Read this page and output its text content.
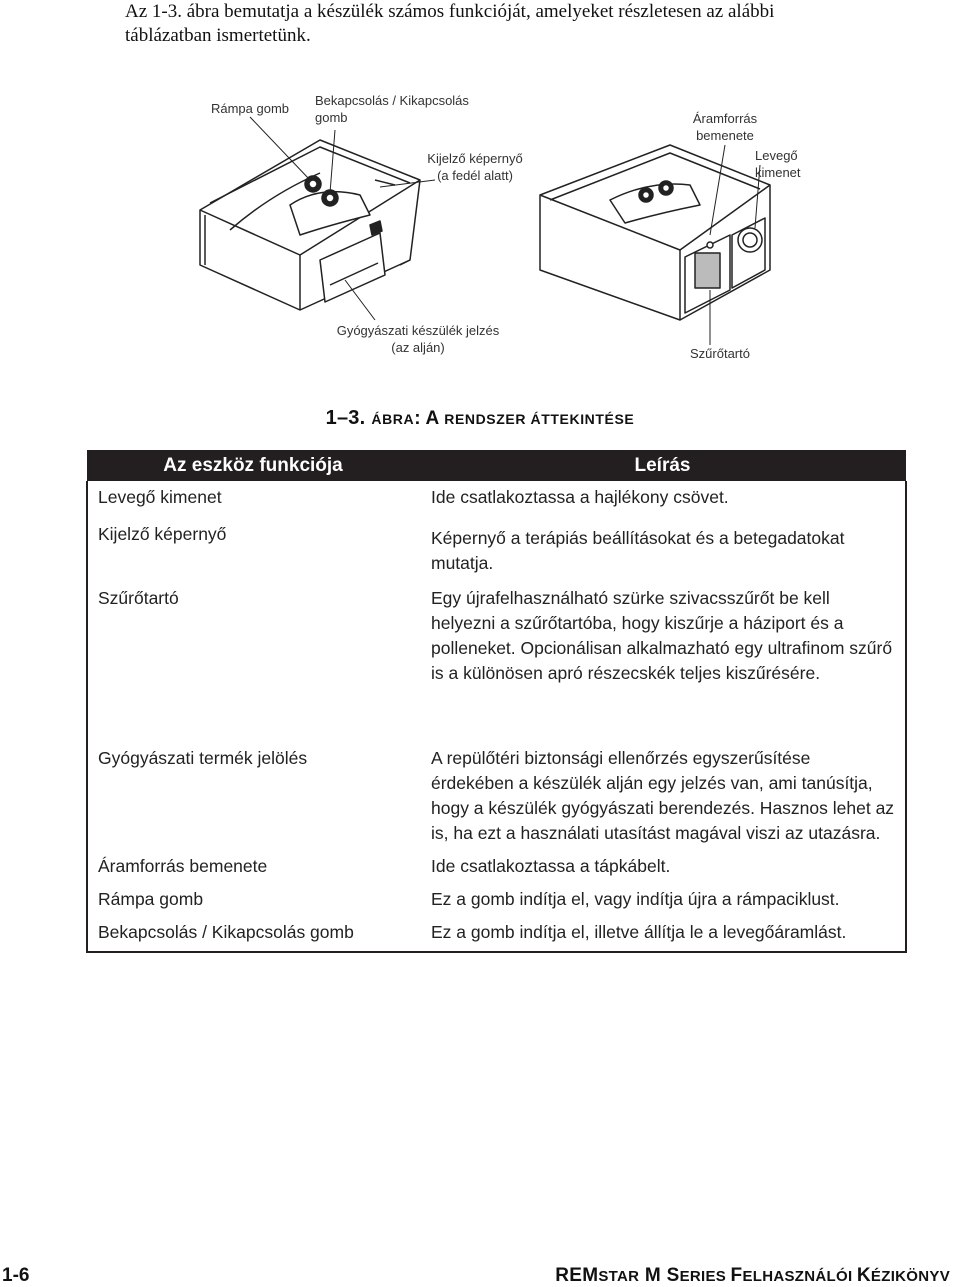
Az 1-3. ábra bemutatja a készülék számos funkcióját, amelyeket részletesen az alábbi táblázatban ismertetünk.
Rámpa gomb
Bekapcsolás / Kikapcsolás
gomb
Kijelző képernyő
(a fedél alatt)
Áramforrás
bemenete
Levegő
kimenet
Gyógyászati készülék jelzés
(az alján)	Szűrőtartó
1–3. ÁBRA: A RENDSZER ÁTTEKINTÉSE
Az eszköz funkciója	Leírás
Levegő kimenet	Ide csatlakoztassa a hajlékony csövet.
Kijelző képernyő	Képernyő a terápiás beállításokat és a betegadatokat mutatja.
Szűrőtartó	Egy újrafelhasználható szürke szivacsszűrőt be kell helyezni a szűrőtartóba, hogy kiszűrje a háziport és a polleneket. Opcionálisan alkalmazható egy ultrafinom szűrő is a különösen apró részecskék teljes kiszűrésére.
Gyógyászati termék jelölés	A repülőtéri biztonsági ellenőrzés egyszerűsítése érdekében a készülék alján egy jelzés van, ami tanúsítja, hogy a készülék gyógyászati berendezés. Hasznos lehet az is, ha ezt a használati utasítást magával viszi az utazásra.
Áramforrás bemenete	Ide csatlakoztassa a tápkábelt.
Rámpa gomb	Ez a gomb indítja el, vagy indítja újra a rámpaciklust.
Bekapcsolás / Kikapcsolás gomb	Ez a gomb indítja el, illetve állítja le a levegőáramlást.
1-6	REMSTAR M SERIES FELHASZNÁLÓI KÉZIKÖNYV
